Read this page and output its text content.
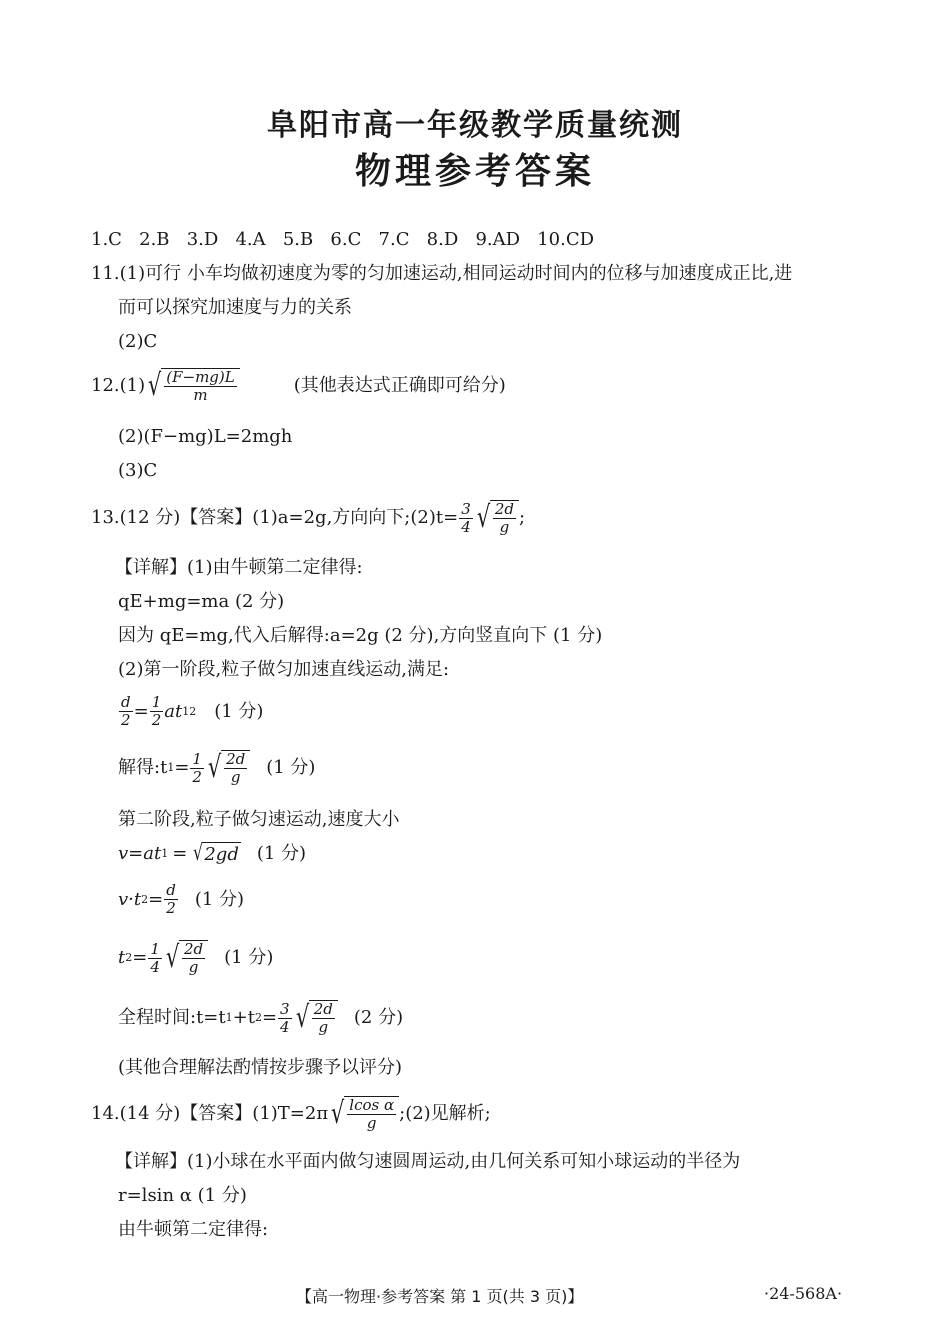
阜阳市高一年级教学质量统测
物理参考答案
1.C 2.B 3.D 4.A 5.B 6.C 7.C 8.D 9.AD 10.CD
11.(1)可行 小车均做初速度为零的匀加速运动,相同运动时间内的位移与加速度成正比,进
而可以探究加速度与力的关系
(2)C
12.(1) √ $\frac{(F-mg)L}{m}$	(其他表达式正确即可给分)
(2)(F−mg)L=2mgh
(3)C
13.(12 分)【答案】(1)a=2g,方向向下;(2)t= $\frac{3}{4}$ √ $\frac{2d}{g}$ ;
【详解】(1)由牛顿第二定律得:
qE+mg=ma (2 分)
因为 qE=mg,代入后解得:a=2g (2 分),方向竖直向下 (1 分)
(2)第一阶段,粒子做匀加速直线运动,满足:
$\frac{d}{2} = \frac{1}{2}$ at 1 2 (1 分)
解得:t $1 = \frac{1}{2}$ √ $\frac{2d}{g} (1$ 分)
第二阶段,粒子做匀速运动,速度大小
v=at 1 = √ 2gd (1 分)
v·t $2 = \frac{d}{2} (1$ 分)
t $2 = \frac{1}{4}$ √ $\frac{2d}{g} (1$ 分)
全程时间:t=t 1 +t $2 = \frac{3}{4}$ √ $\frac{2d}{g} (2$ 分)
(其他合理解法酌情按步骤予以评分)
14.(14 分)【答案】(1)T=2π √ $\frac{\text{lcos α}}{g}$ ;(2)见解析;
【详解】(1)小球在水平面内做匀速圆周运动,由几何关系可知小球运动的半径为
r=lsin α (1 分)
由牛顿第二定律得:
【高一物理·参考答案 第 1 页(共 3 页)】	·24-568A·
